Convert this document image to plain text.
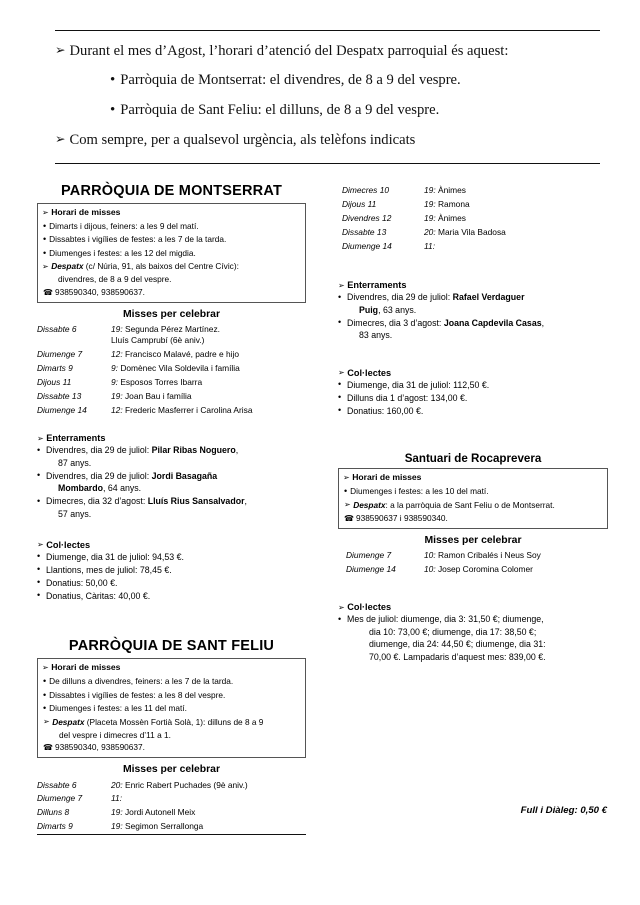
➢ Durant el mes d’Agost, l’horari d’atenció del Despatx parroquial és aquest:
• Parròquia de Montserrat: el divendres, de 8 a 9 del vespre.
• Parròquia de Sant Feliu: el dilluns, de 8 a 9 del vespre.
➢ Com sempre, per a qualsevol urgència, als telèfons indicats
PARRÒQUIA DE MONTSERRAT
➢ Horari de misses
• Dimarts i dijous, feiners: a les 9 del matí.
• Dissabtes i vigílies de festes: a les 7 de la tarda.
• Diumenges i festes: a les 12 del migdia.
➢ Despatx (c/ Núria, 91, als baixos del Centre Cívic):
divendres, de 8 a 9 del vespre.
☎ 938590340, 938590637.
Misses per celebrar
Dissabte 6	19: Segunda Pérez Martínez.
Lluís Camprubí (6è aniv.)

Diumenge 7	12: Francisco Malavé, padre e hijo
Dimarts 9	9: Domènec Vila Soldevila i família
Dijous 11	9: Esposos Torres Ibarra
Dissabte 13	19: Joan Bau i família
Diumenge 14	12: Frederic Masferrer i Carolina Arisa
➢ Enterraments
• Divendres, dia 29 de juliol: Pilar Ribas Noguero,
87 anys.
• Divendres, dia 29 de juliol: Jordi Basagaña
Mombardo, 64 anys.
• Dimecres, dia 32 d’agost: Lluís Rius Sansalvador,
57 anys.
➢ Col·lectes
• Diumenge, dia 31 de juliol: 94,53 €.
• Llantions, mes de juliol: 78,45 €.
• Donatius: 50,00 €.
• Donatius, Càritas: 40,00 €.
PARRÒQUIA DE SANT FELIU
➢ Horari de misses
• De dilluns a divendres, feiners: a les 7 de la tarda.
• Dissabtes i vigílies de festes: a les 8 del vespre.
• Diumenges i festes: a les 11 del matí.
➢ Despatx (Placeta Mossèn Fortià Solà, 1): dilluns de 8 a 9
del vespre i dimecres d’11 a 1.
☎ 938590340, 938590637.
Misses per celebrar
Dissabte 6	20: Enric Rabert Puchades (9è aniv.)
Diumenge 7	11:
Dilluns 8	19: Jordi Autonell Meix
Dimarts 9	19: Segimon Serrallonga
Dimecres 10	19: Ànimes
Dijous 11	19: Ramona
Divendres 12	19: Ànimes
Dissabte 13	20: Maria Vila Badosa
Diumenge 14	11:
➢ Enterraments
• Divendres, dia 29 de juliol: Rafael Verdaguer
Puig, 63 anys.
• Dimecres, dia 3 d’agost: Joana Capdevila Casas,
83 anys.
➢ Col·lectes
• Diumenge, dia 31 de juliol: 112,50 €.
• Dilluns dia 1 d’agost: 134,00 €.
• Donatius: 160,00 €.
Santuari de Rocaprevera
➢ Horari de misses
• Diumenges i festes: a les 10 del matí.
➢ Despatx: a la parròquia de Sant Feliu o de Montserrat.
☎ 938590637 i 938590340.
Misses per celebrar
Diumenge 7	10: Ramon Cribalés i Neus Soy
Diumenge 14	10: Josep Coromina Colomer
➢ Col·lectes
• Mes de juliol: diumenge, dia 3: 31,50 €; diumenge,
dia 10: 73,00 €; diumenge, dia 17: 38,50 €;
diumenge, dia 24: 44,50 €; diumenge, dia 31:
70,00 €. Lampadaris d’aquest mes: 839,00 €.
Full i Diàleg: 0,50 €
